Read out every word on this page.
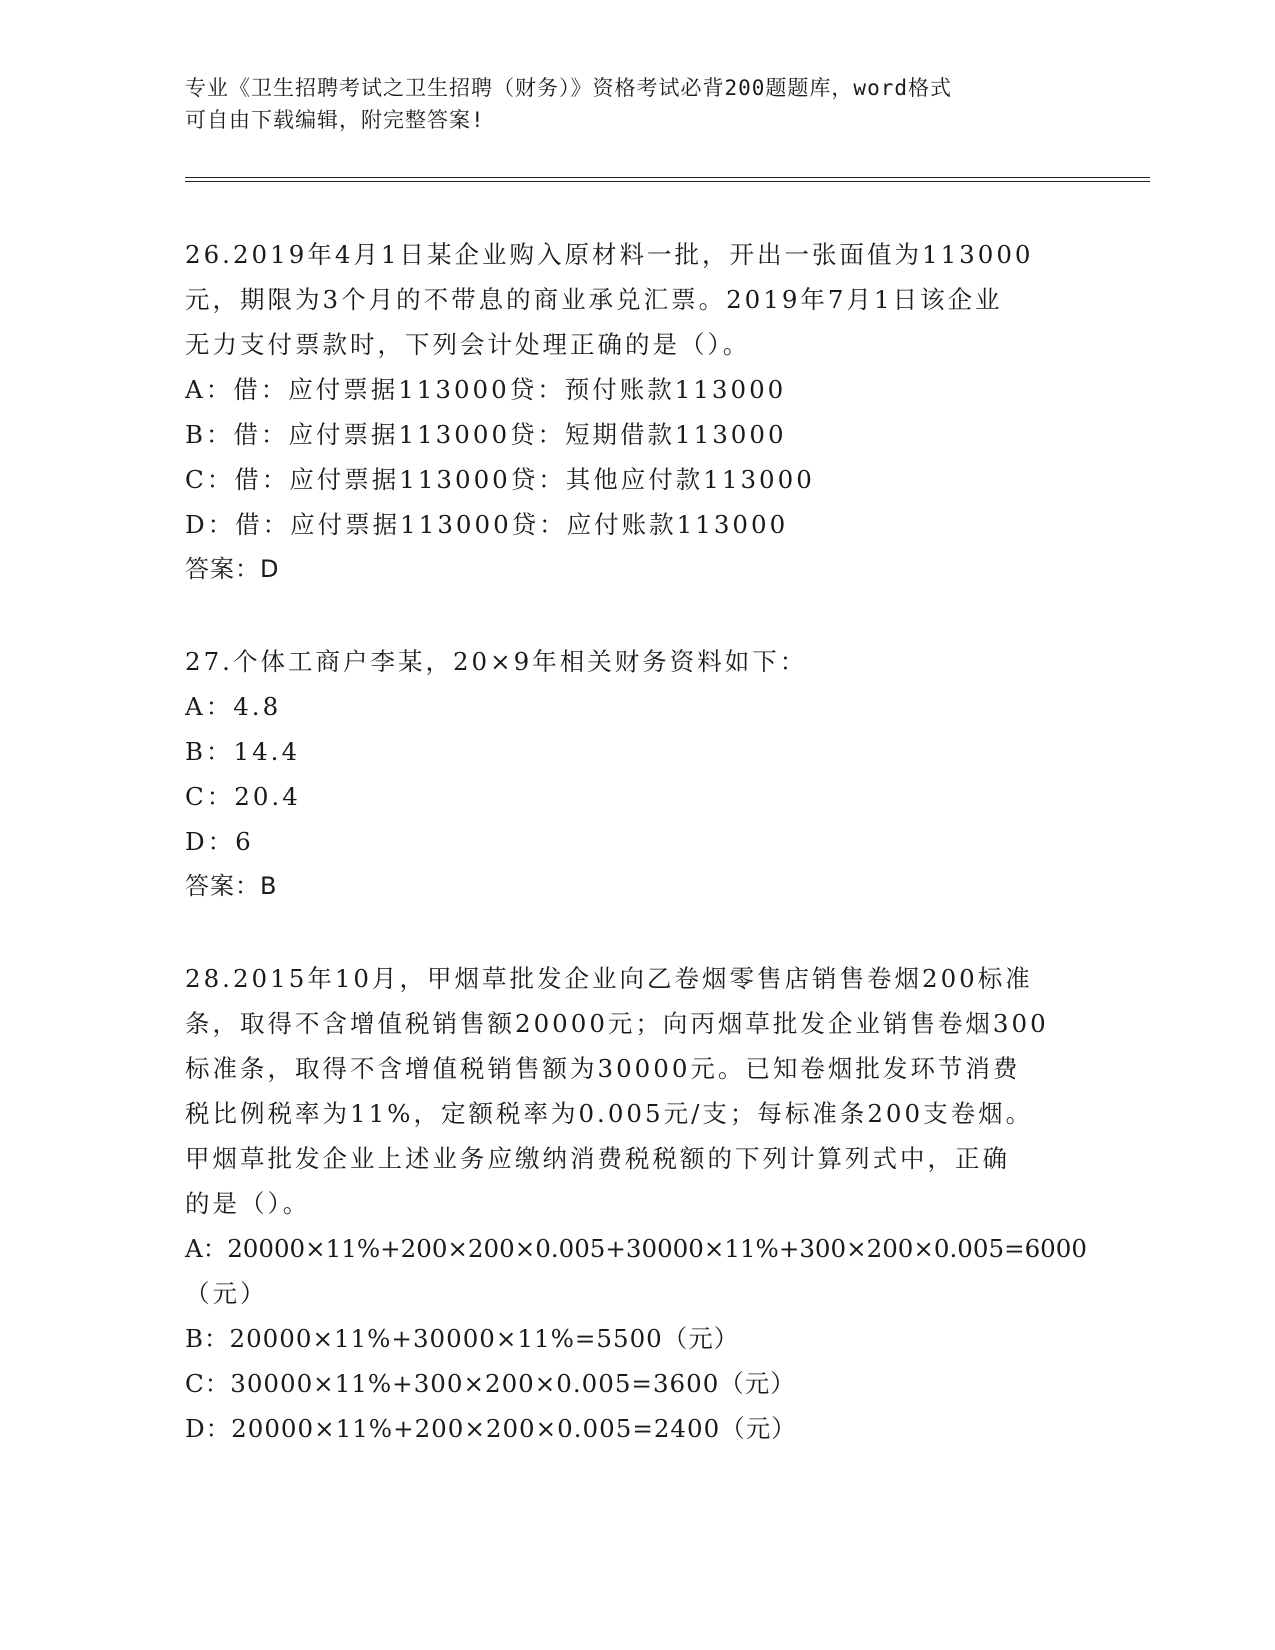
专业《卫生招聘考试之卫生招聘（财务）》资格考试必背200题题库，word格式
可自由下载编辑，附完整答案!
26.2019年4月1日某企业购入原材料一批，开出一张面值为113000
元，期限为3个月的不带息的商业承兑汇票。2019年7月1日该企业
无力支付票款时，下列会计处理正确的是（）。
A：借：应付票据113000贷：预付账款113000
B：借：应付票据113000贷：短期借款113000
C：借：应付票据113000贷：其他应付款113000
D：借：应付票据113000贷：应付账款113000
答案：D
27.个体工商户李某，20×9年相关财务资料如下：
A：4.8
B：14.4
C：20.4
D：6
答案：B
28.2015年10月，甲烟草批发企业向乙卷烟零售店销售卷烟200标准
条，取得不含增值税销售额20000元；向丙烟草批发企业销售卷烟300
标准条，取得不含增值税销售额为30000元。已知卷烟批发环节消费
税比例税率为11%，定额税率为0.005元/支；每标准条200支卷烟。
甲烟草批发企业上述业务应缴纳消费税税额的下列计算列式中，正确
的是（）。
A：20000×11%+200×200×0.005+30000×11%+300×200×0.005=6000
（元）
B：20000×11%+30000×11%=5500（元）
C：30000×11%+300×200×0.005=3600（元）
D：20000×11%+200×200×0.005=2400（元）
